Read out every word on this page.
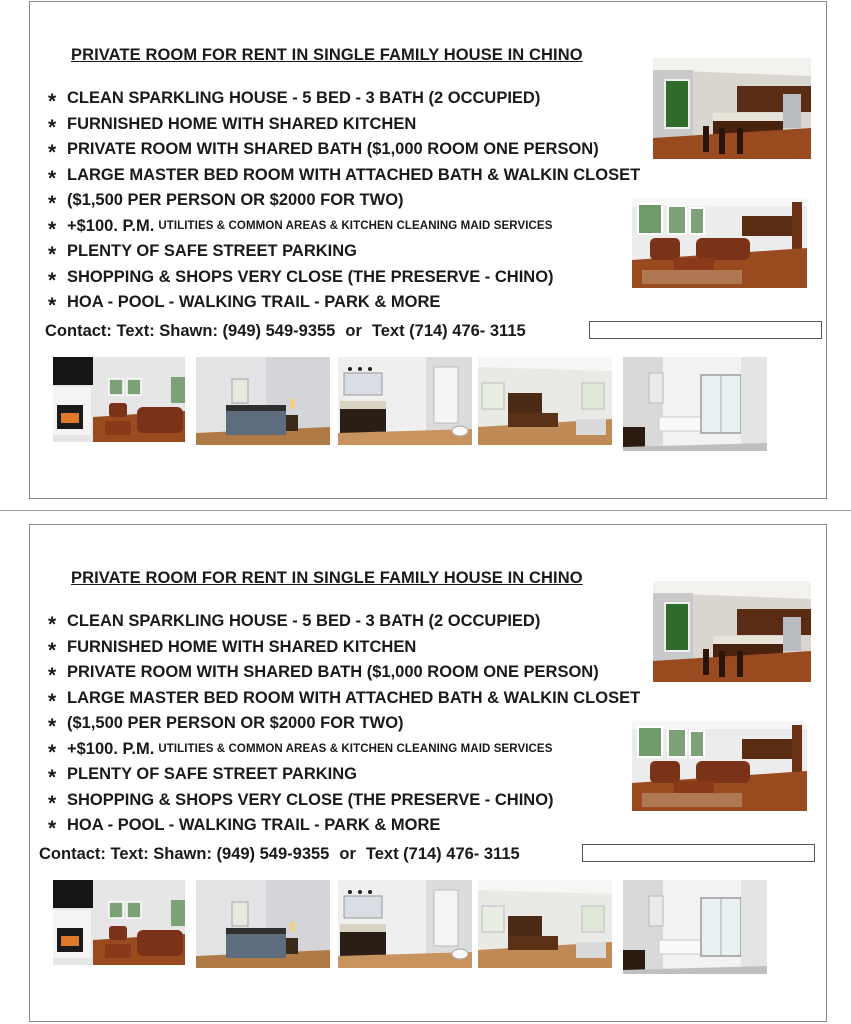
PRIVATE ROOM FOR RENT IN SINGLE FAMILY HOUSE IN CHINO
* CLEAN SPARKLING HOUSE - 5 BED - 3 BATH (2 OCCUPIED)
* FURNISHED HOME WITH SHARED KITCHEN
* PRIVATE ROOM WITH SHARED BATH ($1,000 ROOM ONE PERSON)
* LARGE MASTER BED ROOM WITH ATTACHED BATH & WALKIN CLOSET
* ($1,500 PER PERSON OR $2000 FOR TWO)
* +$100. P.M. UTILITIES & COMMON AREAS & KITCHEN CLEANING MAID SERVICES
* PLENTY OF SAFE STREET PARKING
* SHOPPING & SHOPS VERY CLOSE (THE PRESERVE - CHINO)
* HOA - POOL - WALKING TRAIL - PARK & MORE
Contact: Text: Shawn: (949) 549-9355 or Text (714) 476- 3115
PRIVATE ROOM FOR RENT IN SINGLE FAMILY HOUSE IN CHINO
* CLEAN SPARKLING HOUSE - 5 BED - 3 BATH (2 OCCUPIED)
* FURNISHED HOME WITH SHARED KITCHEN
* PRIVATE ROOM WITH SHARED BATH ($1,000 ROOM ONE PERSON)
* LARGE MASTER BED ROOM WITH ATTACHED BATH & WALKIN CLOSET
* ($1,500 PER PERSON OR $2000 FOR TWO)
* +$100. P.M. UTILITIES & COMMON AREAS & KITCHEN CLEANING MAID SERVICES
* PLENTY OF SAFE STREET PARKING
* SHOPPING & SHOPS VERY CLOSE (THE PRESERVE - CHINO)
* HOA - POOL - WALKING TRAIL - PARK & MORE
Contact: Text: Shawn: (949) 549-9355 or Text (714) 476- 3115
